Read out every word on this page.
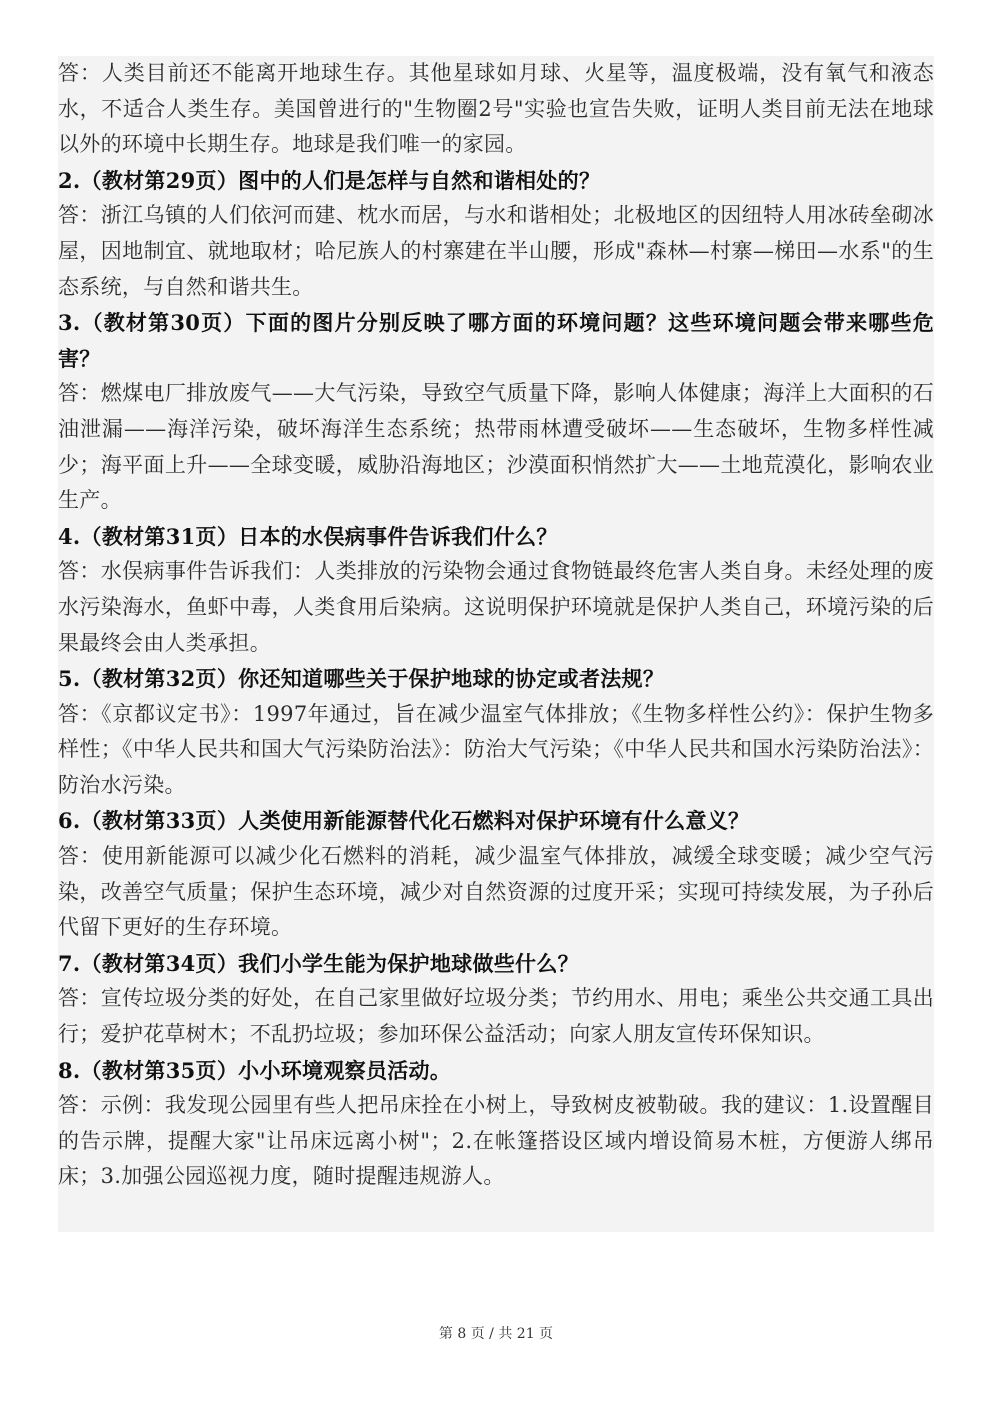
答：人类目前还不能离开地球生存。其他星球如月球、火星等，温度极端，没有氧气和液态水，不适合人类生存。美国曾进行的"生物圈2号"实验也宣告失败，证明人类目前无法在地球以外的环境中长期生存。地球是我们唯一的家园。
2.（教材第29页）图中的人们是怎样与自然和谐相处的？
答：浙江乌镇的人们依河而建、枕水而居，与水和谐相处；北极地区的因纽特人用冰砖垒砌冰屋，因地制宜、就地取材；哈尼族人的村寨建在半山腰，形成"森林—村寨—梯田—水系"的生态系统，与自然和谐共生。
3.（教材第30页）下面的图片分别反映了哪方面的环境问题？这些环境问题会带来哪些危害？
答：燃煤电厂排放废气——大气污染，导致空气质量下降，影响人体健康；海洋上大面积的石油泄漏——海洋污染，破坏海洋生态系统；热带雨林遭受破坏——生态破坏，生物多样性减少；海平面上升——全球变暖，威胁沿海地区；沙漠面积悄然扩大——土地荒漠化，影响农业生产。
4.（教材第31页）日本的水俣病事件告诉我们什么？
答：水俣病事件告诉我们：人类排放的污染物会通过食物链最终危害人类自身。未经处理的废水污染海水，鱼虾中毒，人类食用后染病。这说明保护环境就是保护人类自己，环境污染的后果最终会由人类承担。
5.（教材第32页）你还知道哪些关于保护地球的协定或者法规？
答：《京都议定书》：1997年通过，旨在减少温室气体排放；《生物多样性公约》：保护生物多样性；《中华人民共和国大气污染防治法》：防治大气污染；《中华人民共和国水污染防治法》：防治水污染。
6.（教材第33页）人类使用新能源替代化石燃料对保护环境有什么意义？
答：使用新能源可以减少化石燃料的消耗，减少温室气体排放，减缓全球变暖；减少空气污染，改善空气质量；保护生态环境，减少对自然资源的过度开采；实现可持续发展，为子孙后代留下更好的生存环境。
7.（教材第34页）我们小学生能为保护地球做些什么？
答：宣传垃圾分类的好处，在自己家里做好垃圾分类；节约用水、用电；乘坐公共交通工具出行；爱护花草树木；不乱扔垃圾；参加环保公益活动；向家人朋友宣传环保知识。
8.（教材第35页）小小环境观察员活动。
答：示例：我发现公园里有些人把吊床拴在小树上，导致树皮被勒破。我的建议：1.设置醒目的告示牌，提醒大家"让吊床远离小树"；2.在帐篷搭设区域内增设简易木桩，方便游人绑吊床；3.加强公园巡视力度，随时提醒违规游人。
第 8 页 / 共 21 页
